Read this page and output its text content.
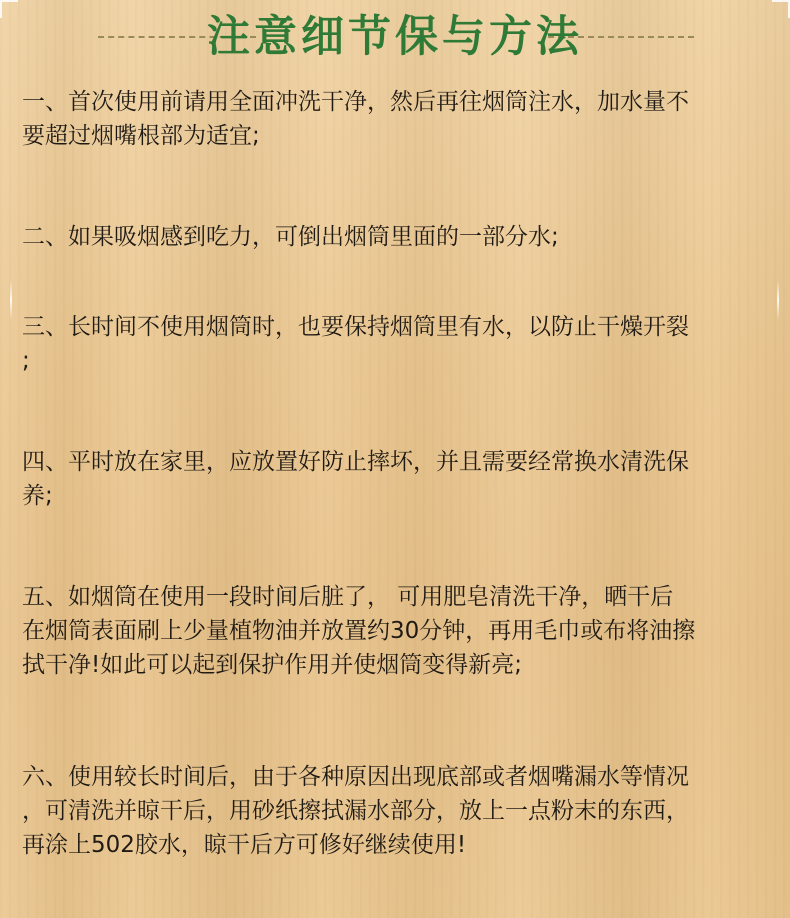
注意细节保与方法
一、首次使用前请用全面冲洗干净，然后再往烟筒注水，加水量不
要超过烟嘴根部为适宜;
二、如果吸烟感到吃力，可倒出烟筒里面的一部分水;
三、长时间不使用烟筒时，也要保持烟筒里有水，以防止干燥开裂
;
四、平时放在家里，应放置好防止摔坏，并且需要经常换水清洗保
养;
五、如烟筒在使用一段时间后脏了， 可用肥皂清洗干净，晒干后
在烟筒表面刷上少量植物油并放置约30分钟，再用毛巾或布将油擦
拭干净!如此可以起到保护作用并使烟筒变得新亮;
六、使用较长时间后，由于各种原因出现底部或者烟嘴漏水等情况
，可清洗并晾干后，用砂纸擦拭漏水部分，放上一点粉末的东西，
再涂上502胶水，晾干后方可修好继续使用!
